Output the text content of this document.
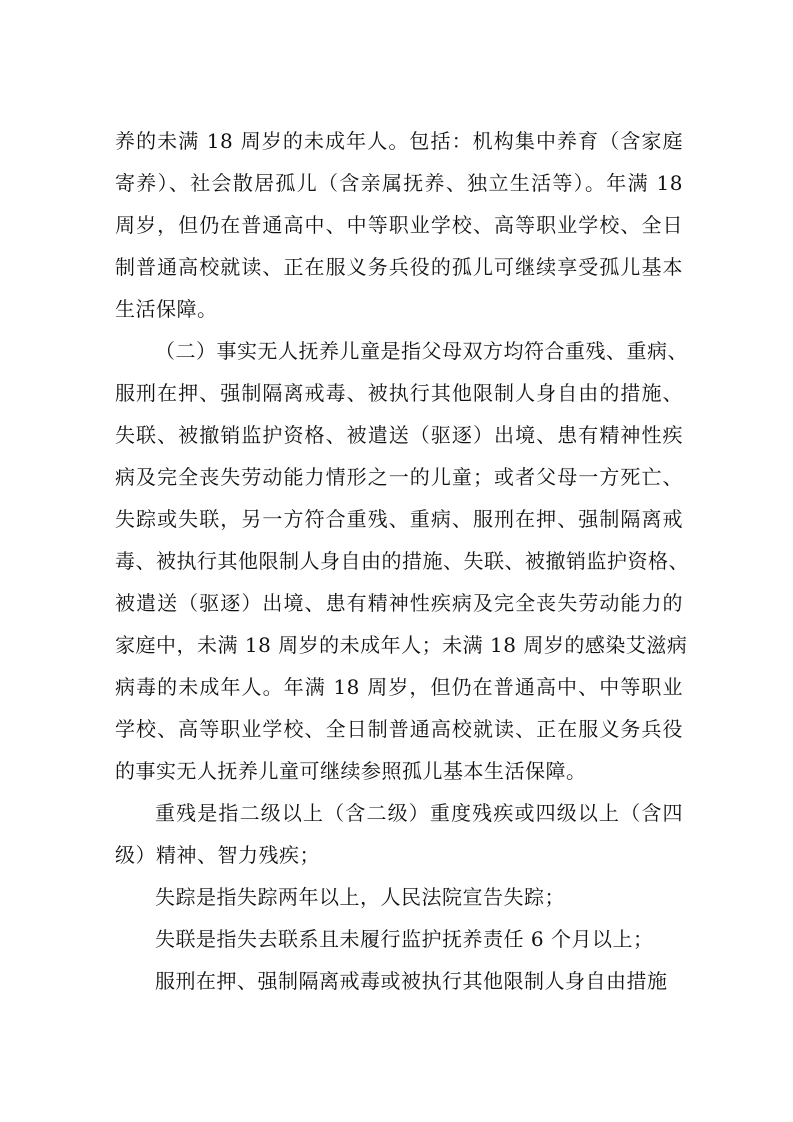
养的未满 18 周岁的未成年人。包括：机构集中养育（含家庭
寄养）、社会散居孤儿（含亲属抚养、独立生活等）。年满 18
周岁，但仍在普通高中、中等职业学校、高等职业学校、全日
制普通高校就读、正在服义务兵役的孤儿可继续享受孤儿基本
生活保障。
（二）事实无人抚养儿童是指父母双方均符合重残、重病、
服刑在押、强制隔离戒毒、被执行其他限制人身自由的措施、
失联、被撤销监护资格、被遣送（驱逐）出境、患有精神性疾
病及完全丧失劳动能力情形之一的儿童；或者父母一方死亡、
失踪或失联，另一方符合重残、重病、服刑在押、强制隔离戒
毒、被执行其他限制人身自由的措施、失联、被撤销监护资格、
被遣送（驱逐）出境、患有精神性疾病及完全丧失劳动能力的
家庭中，未满 18 周岁的未成年人；未满 18 周岁的感染艾滋病
病毒的未成年人。年满 18 周岁，但仍在普通高中、中等职业
学校、高等职业学校、全日制普通高校就读、正在服义务兵役
的事实无人抚养儿童可继续参照孤儿基本生活保障。
重残是指二级以上（含二级）重度残疾或四级以上（含四
级）精神、智力残疾；
失踪是指失踪两年以上，人民法院宣告失踪；
失联是指失去联系且未履行监护抚养责任 6 个月以上；
服刑在押、强制隔离戒毒或被执行其他限制人身自由措施
